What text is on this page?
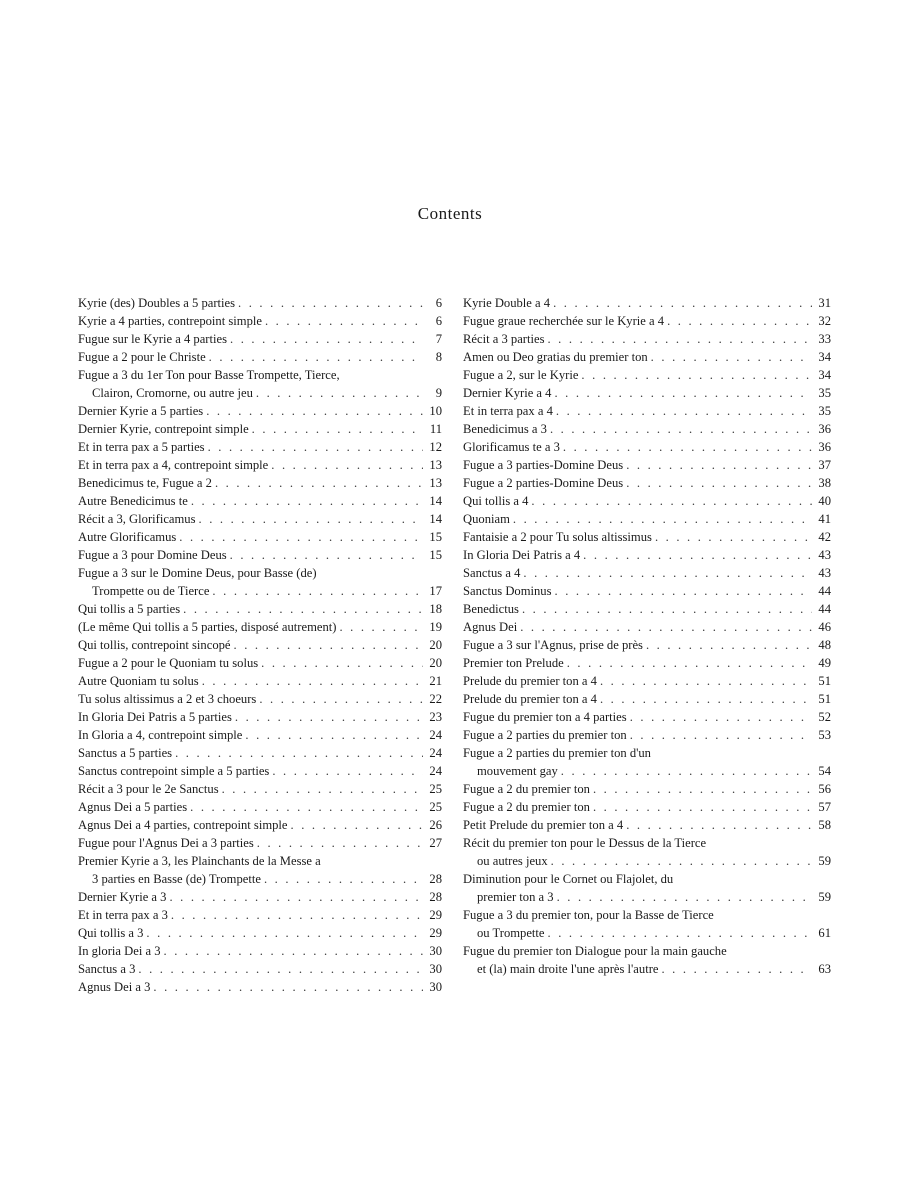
Contents
Kyrie (des) Doubles a 5 parties . . .	6
Kyrie a 4 parties, contrepoint simple . . .	6
Fugue sur le Kyrie a 4 parties . . .	7
Fugue a 2 pour le Christe . . .	8
Fugue a 3 du 1er Ton pour Basse Trompette, Tierce,
Clairon, Cromorne, ou autre jeu . . .	9
Dernier Kyrie a 5 parties . . .	10
Dernier Kyrie, contrepoint simple . . .	11
Et in terra pax a 5 parties . . .	12
Et in terra pax a 4, contrepoint simple . . .	13
Benedicimus te, Fugue a 2 . . .	13
Autre Benedicimus te . . .	14
Récit a 3, Glorificamus . . .	14
Autre Glorificamus . . .	15
Fugue a 3 pour Domine Deus . . .	15
Fugue a 3 sur le Domine Deus, pour Basse (de)
Trompette ou de Tierce . . .	17
Qui tollis a 5 parties . . .	18
(Le même Qui tollis a 5 parties, disposé autrement) . . .	19
Qui tollis, contrepoint sincopé . . .	20
Fugue a 2 pour le Quoniam tu solus . . .	20
Autre Quoniam tu solus . . .	21
Tu solus altissimus a 2 et 3 choeurs . . .	22
In Gloria Dei Patris a 5 parties . . .	23
In Gloria a 4, contrepoint simple . . .	24
Sanctus a 5 parties . . .	24
Sanctus contrepoint simple a 5 parties . . .	24
Récit a 3 pour le 2e Sanctus . . .	25
Agnus Dei a 5 parties . . .	25
Agnus Dei a 4 parties, contrepoint simple . . .	26
Fugue pour l'Agnus Dei a 3 parties . . .	27
Premier Kyrie a 3, les Plainchants de la Messe a
3 parties en Basse (de) Trompette . . .	28
Dernier Kyrie a 3 . . .	28
Et in terra pax a 3 . . .	29
Qui tollis a 3 . . .	29
In gloria Dei a 3 . . .	30
Sanctus a 3 . . .	30
Agnus Dei a 3 . . .	30
Kyrie Double a 4 . . .	31
Fugue graue recherchée sur le Kyrie a 4 . . .	32
Récit a 3 parties . . .	33
Amen ou Deo gratias du premier ton . . .	34
Fugue a 2, sur le Kyrie . . .	34
Dernier Kyrie a 4 . . .	35
Et in terra pax a 4 . . .	35
Benedicimus a 3 . . .	36
Glorificamus te a 3 . . .	36
Fugue a 3 parties-Domine Deus . . .	37
Fugue a 2 parties-Domine Deus . . .	38
Qui tollis a 4 . . .	40
Quoniam . . .	41
Fantaisie a 2 pour Tu solus altissimus . . .	42
In Gloria Dei Patris a 4 . . .	43
Sanctus a 4 . . .	43
Sanctus Dominus . . .	44
Benedictus . . .	44
Agnus Dei . . .	46
Fugue a 3 sur l'Agnus, prise de près . . .	48
Premier ton Prelude . . .	49
Prelude du premier ton a 4 . . .	51
Prelude du premier ton a 4 . . .	51
Fugue du premier ton a 4 parties . . .	52
Fugue a 2 parties du premier ton . . .	53
Fugue a 2 parties du premier ton d'un
mouvement gay . . .	54
Fugue a 2 du premier ton . . .	56
Fugue a 2 du premier ton . . .	57
Petit Prelude du premier ton a 4 . . .	58
Récit du premier ton pour le Dessus de la Tierce
ou autres jeux . . .	59
Diminution pour le Cornet ou Flajolet, du
premier ton a 3 . . .	59
Fugue a 3 du premier ton, pour la Basse de Tierce
ou Trompette . . .	61
Fugue du premier ton Dialogue pour la main gauche
et (la) main droite l'une après l'autre . . .	63
